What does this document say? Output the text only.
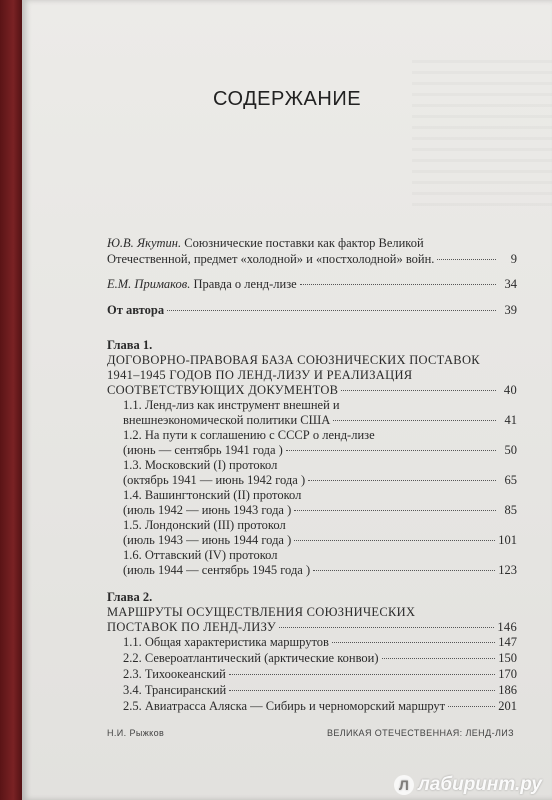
СОДЕРЖАНИЕ
Ю.В. Якутин. Союзнические поставки как фактор Великой
Отечественной, предмет «холодной» и «постхолодной» войн.	9
Е.М. Примаков. Правда о ленд-лизе	34
От автора	39
Глава 1.
ДОГОВОРНО-ПРАВОВАЯ БАЗА СОЮЗНИЧЕСКИХ ПОСТАВОК
1941–1945 ГОДОВ ПО ЛЕНД-ЛИЗУ И РЕАЛИЗАЦИЯ
СООТВЕТСТВУЮЩИХ ДОКУМЕНТОВ	40
1.1. Ленд-лиз как инструмент внешней и
внешнеэкономической политики США	41
1.2. На пути к соглашению с СССР о ленд-лизе
(июнь — сентябрь 1941 года )	50
1.3. Московский (I) протокол
(октябрь 1941 — июнь 1942 года )	65
1.4. Вашингтонский (II) протокол
(июль 1942 — июнь 1943 года )	85
1.5. Лондонский (III) протокол
(июль 1943 — июнь 1944 года )	101
1.6. Оттавский (IV) протокол
(июль 1944 — сентябрь 1945 года )	123
Глава 2.
МАРШРУТЫ ОСУЩЕСТВЛЕНИЯ СОЮЗНИЧЕСКИХ
ПОСТАВОК ПО ЛЕНД-ЛИЗУ	146
1.1. Общая характеристика маршрутов	147
2.2. Североатлантический (арктические конвои)	150
2.3. Тихоокеанский	170
3.4. Трансиранский	186
2.5. Авиатрасса Аляска — Сибирь и черноморский маршрут	201
Н.И. Рыжков	ВЕЛИКАЯ ОТЕЧЕСТВЕННАЯ: ЛЕНД-ЛИЗ
Л лабиринт.ру
